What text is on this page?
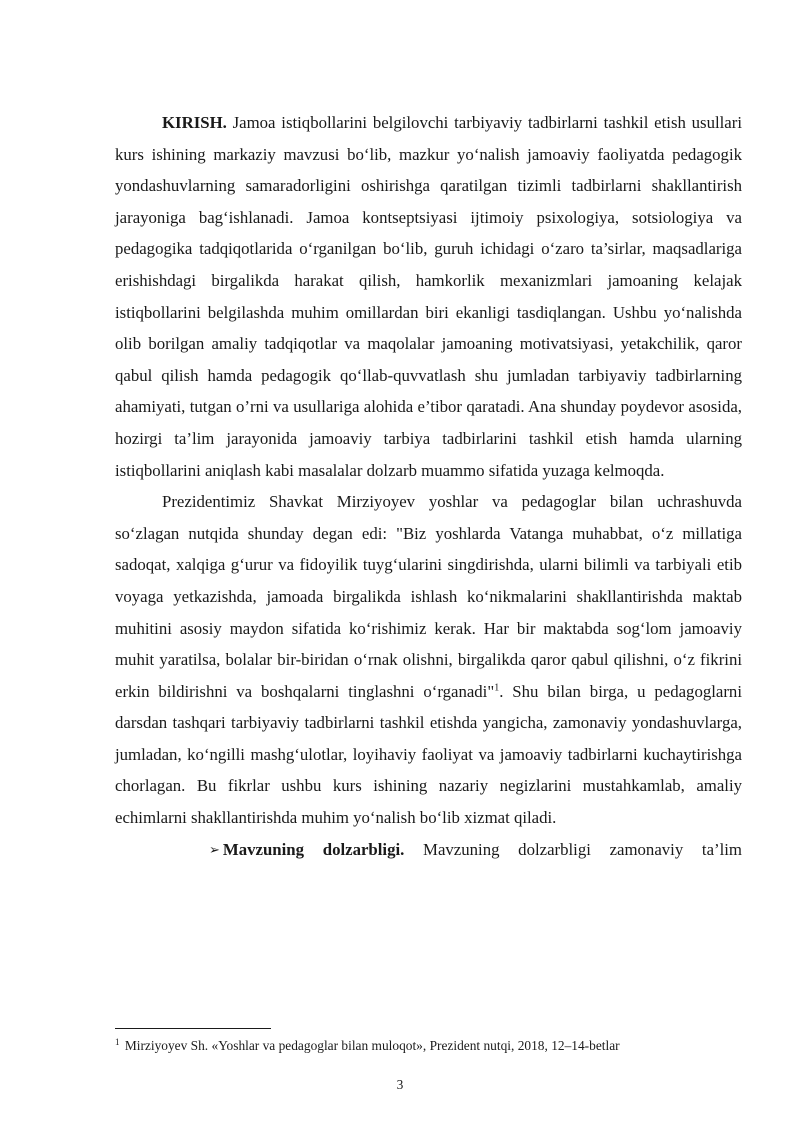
KIRISH. Jamoa istiqbollarini belgilovchi tarbiyaviy tadbirlarni tashkil etish usullari kurs ishining markaziy mavzusi bo‘lib, mazkur yo‘nalish jamoaviy faoliyatda pedagogik yondashuvlarning samaradorligini oshirishga qaratilgan tizimli tadbirlarni shakllantirish jarayoniga bag‘ishlanadi. Jamoa kontseptsiyasi ijtimoiy psixologiya, sotsiologiya va pedagogika tadqiqotlarida o‘rganilgan bo‘lib, guruh ichidagi o‘zaro ta’sirlar, maqsadlariga erishishdagi birgalikda harakat qilish, hamkorlik mexanizmlari jamoaning kelajak istiqbollarini belgilashda muhim omillardan biri ekanligi tasdiqlangan. Ushbu yo‘nalishda olib borilgan amaliy tadqiqotlar va maqolalar jamoaning motivatsiyasi, yetakchilik, qaror qabul qilish hamda pedagogik qo‘llab-quvvatlash shu jumladan tarbiyaviy tadbirlarning ahamiyati, tutgan o’rni va usullariga alohida e’tibor qaratadi. Ana shunday poydevor asosida, hozirgi ta’lim jarayonida jamoaviy tarbiya tadbirlarini tashkil etish hamda ularning istiqbollarini aniqlash kabi masalalar dolzarb muammo sifatida yuzaga kelmoqda.

Prezidentimiz Shavkat Mirziyoyev yoshlar va pedagoglar bilan uchrashuvda so‘zlagan nutqida shunday degan edi: "Biz yoshlarda Vatanga muhabbat, o‘z millatiga sadoqat, xalqiga g‘urur va fidoyilik tuyg‘ularini singdirishda, ularni bilimli va tarbiyali etib voyaga yetkazishda, jamoada birgalikda ishlash ko‘nikmalarini shakllantirishda maktab muhitini asosiy maydon sifatida ko‘rishimiz kerak. Har bir maktabda sog‘lom jamoaviy muhit yaratilsa, bolalar bir-biridan o‘rnak olishni, birgalikda qaror qabul qilishni, o‘z fikrini erkin bildirishni va boshqalarni tinglashni o‘rganadi"$^1$. Shu bilan birga, u pedagoglarni darsdan tashqari tarbiyaviy tadbirlarni tashkil etishda yangicha, zamonaviy yondashuvlarga, jumladan, ko‘ngilli mashg‘ulotlar, loyihaviy faoliyat va jamoaviy tadbirlarni kuchaytirishga chorlagan. Bu fikrlar ushbu kurs ishining nazariy negizlarini mustahkamlab, amaliy echimlarni shakllantirishda muhim yo‘nalish bo‘lib xizmat qiladi.

➢ Mavzuning dolzarbligi. Mavzuning dolzarbligi zamonaviy ta’lim

$^1$ Mirziyoyev Sh. «Yoshlar va pedagoglar bilan muloqot», Prezident nutqi, 2018, 12–14-betlar
3
